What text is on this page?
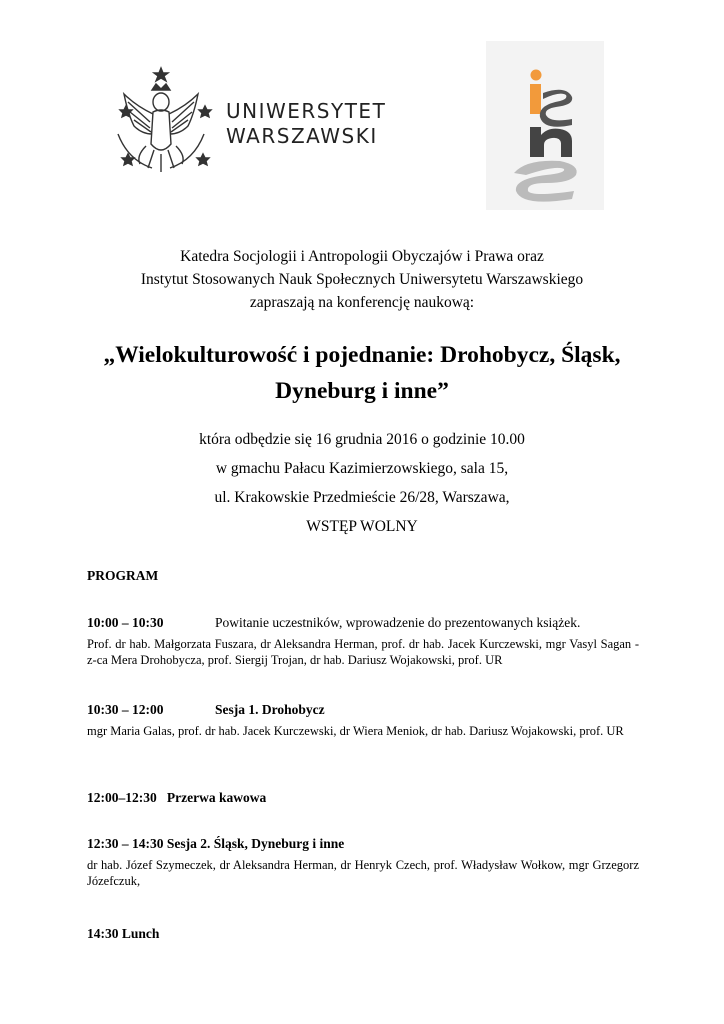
UNIWERSYTET
WARSZAWSKI
Katedra Socjologii i Antropologii Obyczajów i Prawa oraz
Instytut Stosowanych Nauk Społecznych Uniwersytetu Warszawskiego
zapraszają na konferencję naukową:
„Wielokulturowość i pojednanie: Drohobycz, Śląsk,
Dyneburg i inne”
która odbędzie się 16 grudnia 2016 o godzinie 10.00
w gmachu Pałacu Kazimierzowskiego, sala 15,
ul. Krakowskie Przedmieście 26/28, Warszawa,
WSTĘP WOLNY
PROGRAM
10:00 – 10:30	Powitanie uczestników, wprowadzenie do prezentowanych książek.
Prof. dr hab. Małgorzata Fuszara, dr Aleksandra Herman, prof. dr hab. Jacek Kurczewski, mgr Vasyl Sagan - z-ca Mera Drohobycza, prof. Siergij Trojan, dr hab. Dariusz Wojakowski, prof. UR
10:30 – 12:00	Sesja 1. Drohobycz
mgr Maria Galas, prof. dr hab. Jacek Kurczewski, dr Wiera Meniok, dr hab. Dariusz Wojakowski, prof. UR
12:00–12:30   Przerwa kawowa
12:30 – 14:30 Sesja 2. Śląsk, Dyneburg i inne
dr hab. Józef Szymeczek, dr Aleksandra Herman, dr Henryk Czech, prof. Władysław Wołkow, mgr Grzegorz Józefczuk,
14:30 Lunch
